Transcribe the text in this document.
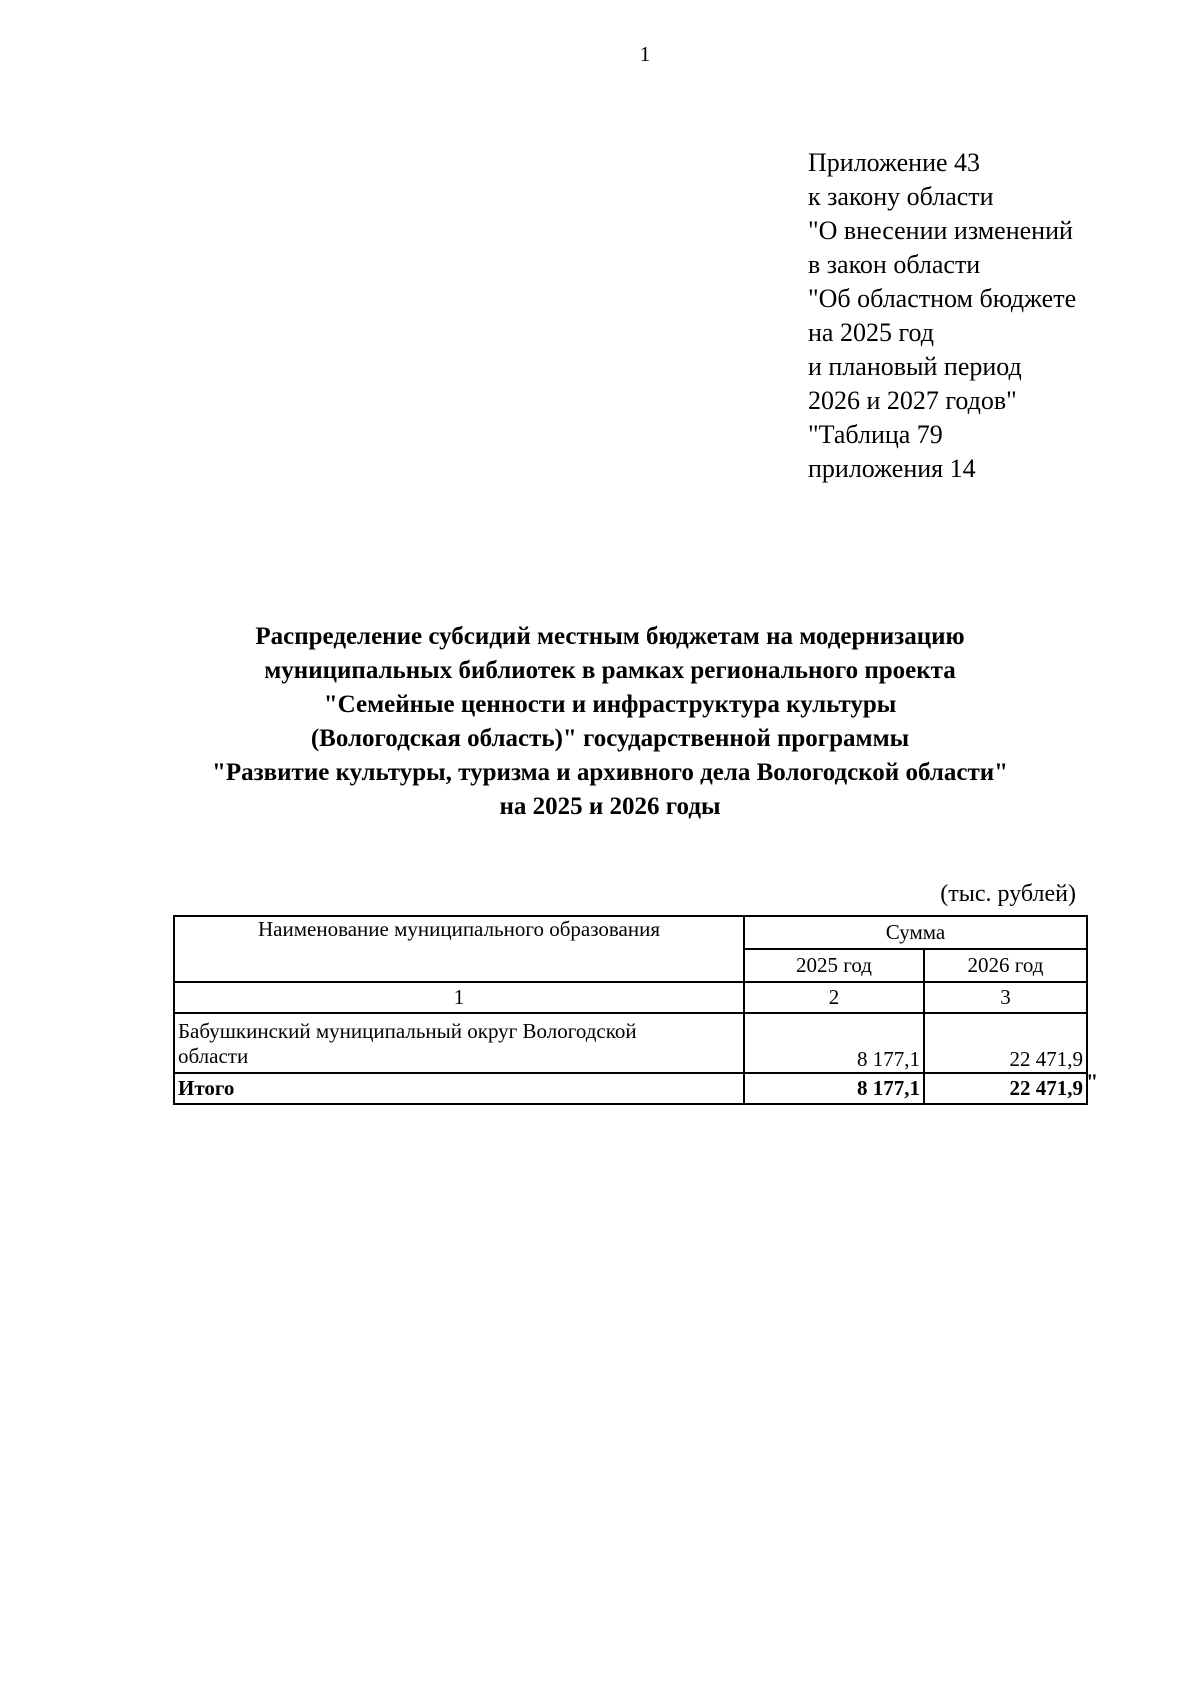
1
Приложение 43
к закону области
"О внесении изменений
в закон области
"Об областном бюджете
на 2025 год
и плановый период
2026 и 2027 годов"
"Таблица 79
приложения 14
Распределение субсидий местным бюджетам на модернизацию
муниципальных библиотек в рамках регионального проекта
"Семейные ценности и инфраструктура культуры
(Вологодская область)" государственной программы
"Развитие культуры, туризма и архивного дела Вологодской области"
на 2025 и 2026 годы
(тыс. рублей)
Наименование муниципального образования	Сумма	
	2025 год	2026 год
1	2	3

Бабушкинский муниципальный округ Вологодской
области	8 177,1	22 471,9
Итого	8 177,1	22 471,9 "
